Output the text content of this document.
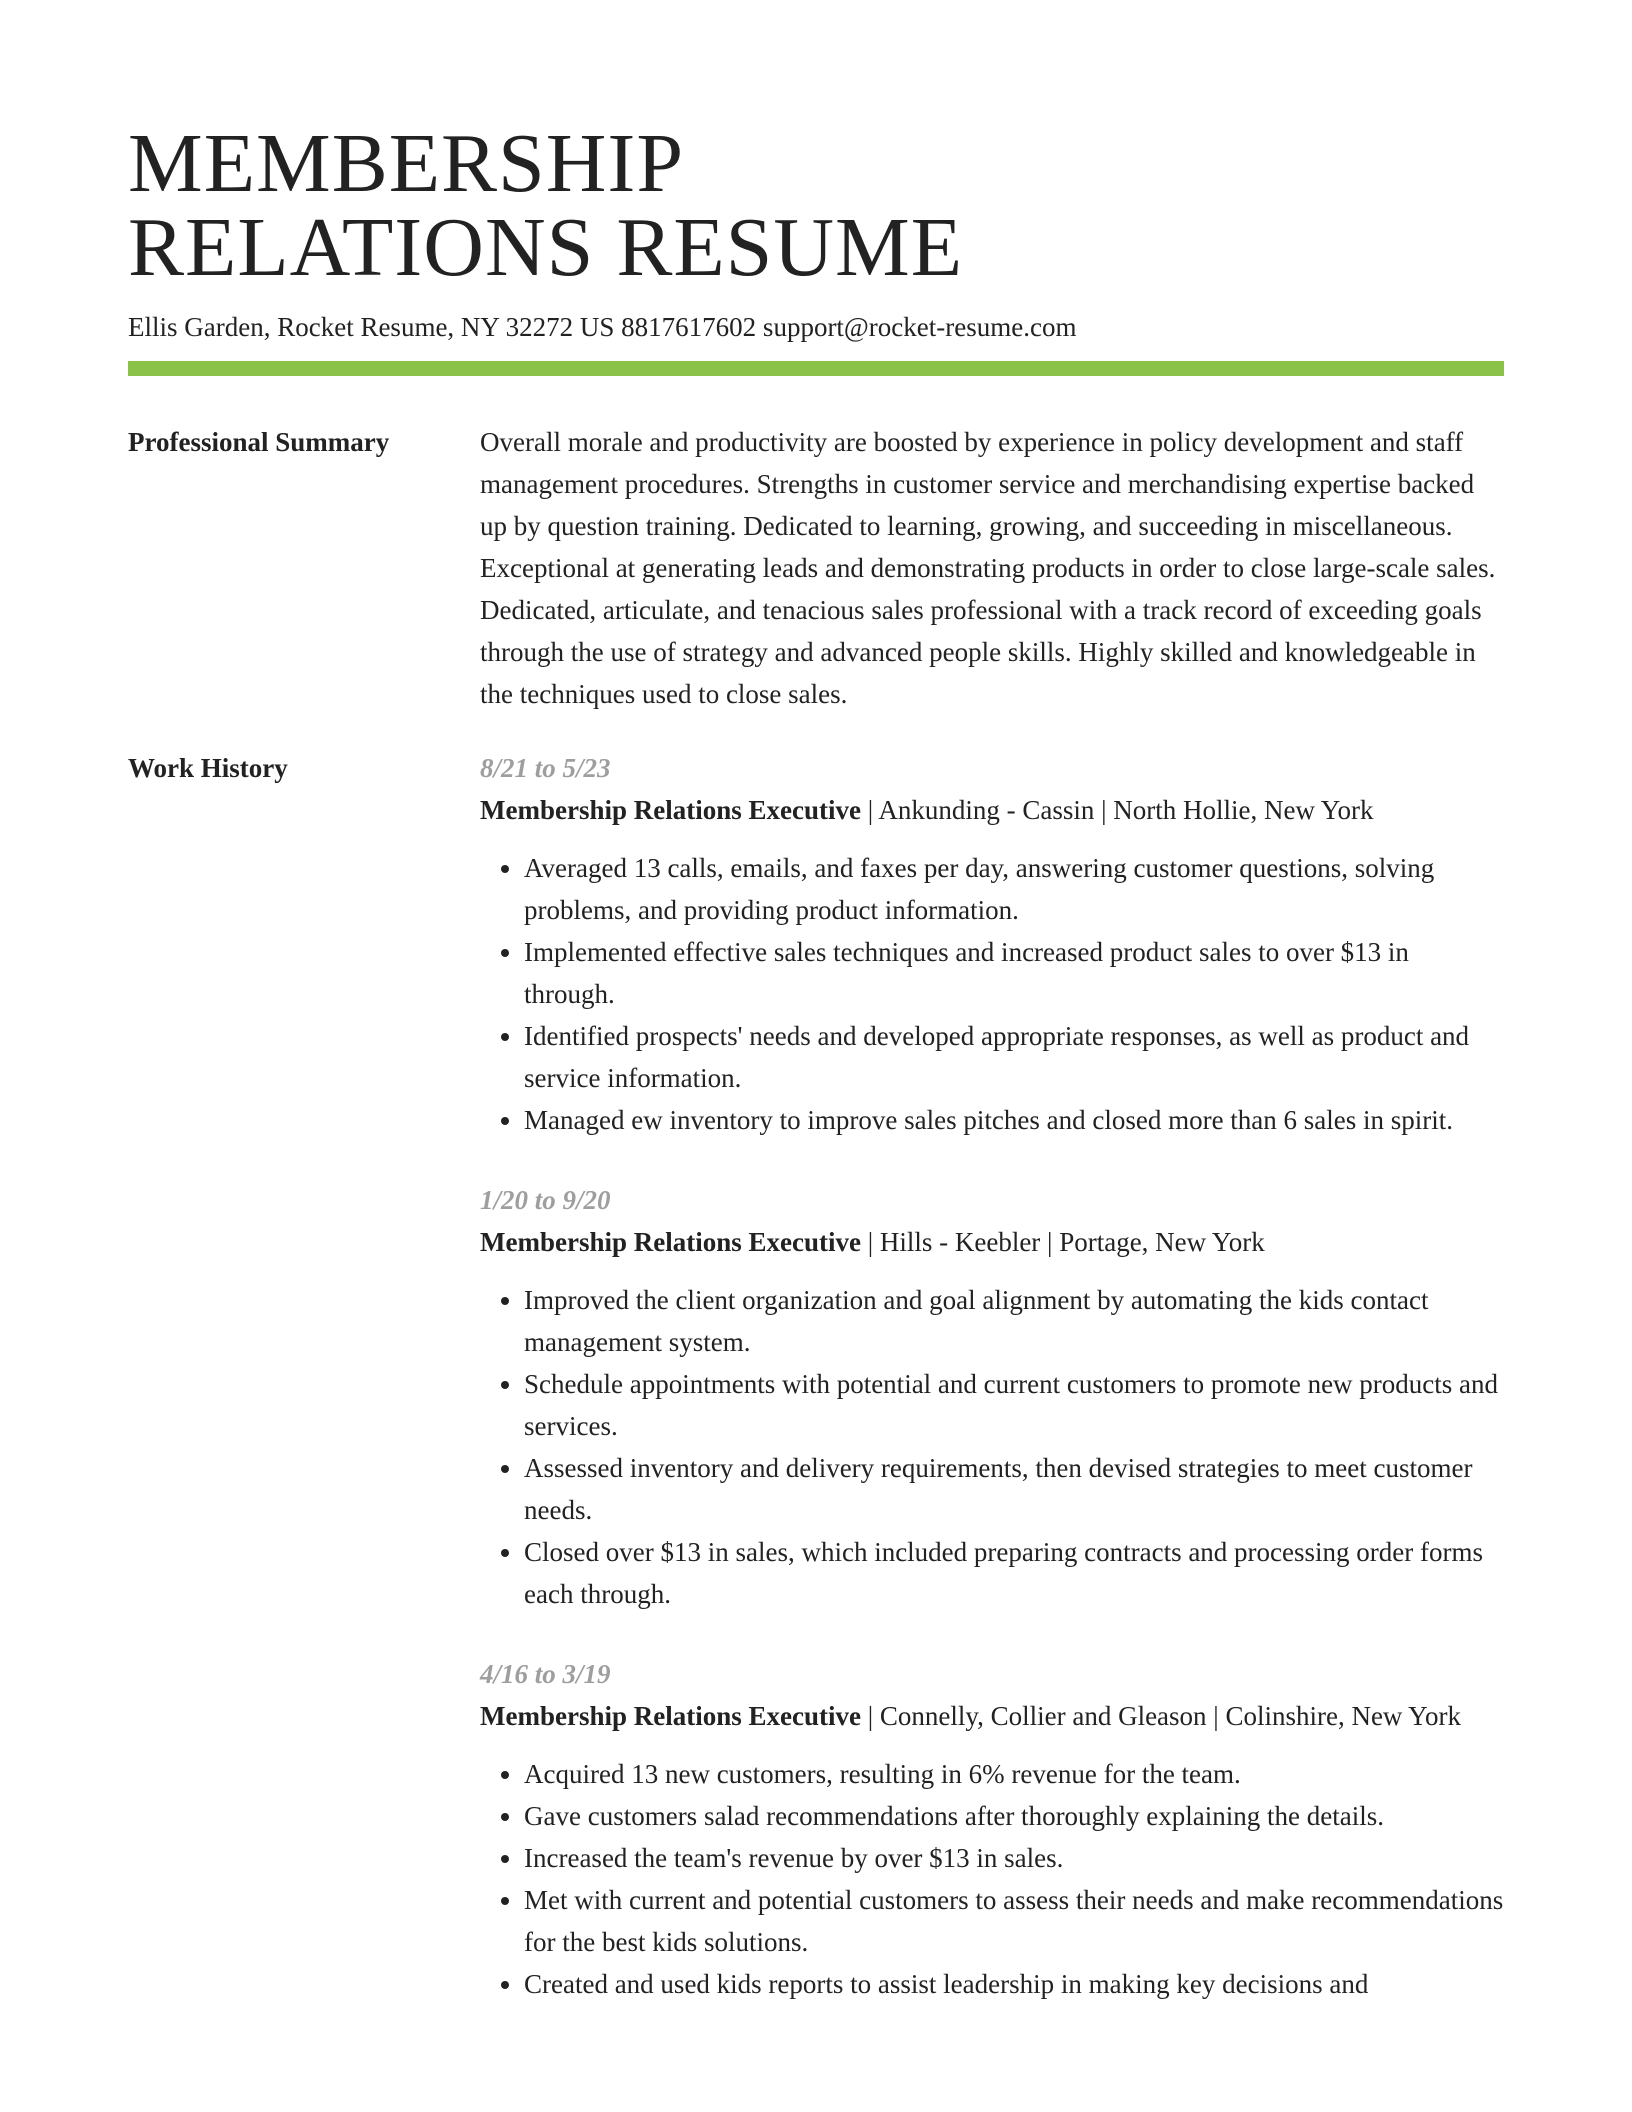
MEMBERSHIP
RELATIONS RESUME
Ellis Garden, Rocket Resume, NY 32272 US 8817617602 support@rocket-resume.com
Professional Summary	Overall morale and productivity are boosted by experience in policy development and staff management procedures. Strengths in customer service and merchandising expertise backed up by question training. Dedicated to learning, growing, and succeeding in miscellaneous. Exceptional at generating leads and demonstrating products in order to close large-scale sales. Dedicated, articulate, and tenacious sales professional with a track record of exceeding goals through the use of strategy and advanced people skills. Highly skilled and knowledgeable in the techniques used to close sales.
Work History	8/21 to 5/23
Membership Relations Executive | Ankunding - Cassin | North Hollie, New York
• Averaged 13 calls, emails, and faxes per day, answering customer questions, solving problems, and providing product information.
• Implemented effective sales techniques and increased product sales to over $13 in through.
• Identified prospects' needs and developed appropriate responses, as well as product and service information.
• Managed ew inventory to improve sales pitches and closed more than 6 sales in spirit.
1/20 to 9/20
Membership Relations Executive | Hills - Keebler | Portage, New York
• Improved the client organization and goal alignment by automating the kids contact management system.
• Schedule appointments with potential and current customers to promote new products and services.
• Assessed inventory and delivery requirements, then devised strategies to meet customer needs.
• Closed over $13 in sales, which included preparing contracts and processing order forms each through.
4/16 to 3/19
Membership Relations Executive | Connelly, Collier and Gleason | Colinshire, New York
• Acquired 13 new customers, resulting in 6% revenue for the team.
• Gave customers salad recommendations after thoroughly explaining the details.
• Increased the team's revenue by over $13 in sales.
• Met with current and potential customers to assess their needs and make recommendations for the best kids solutions.
• Created and used kids reports to assist leadership in making key decisions and
